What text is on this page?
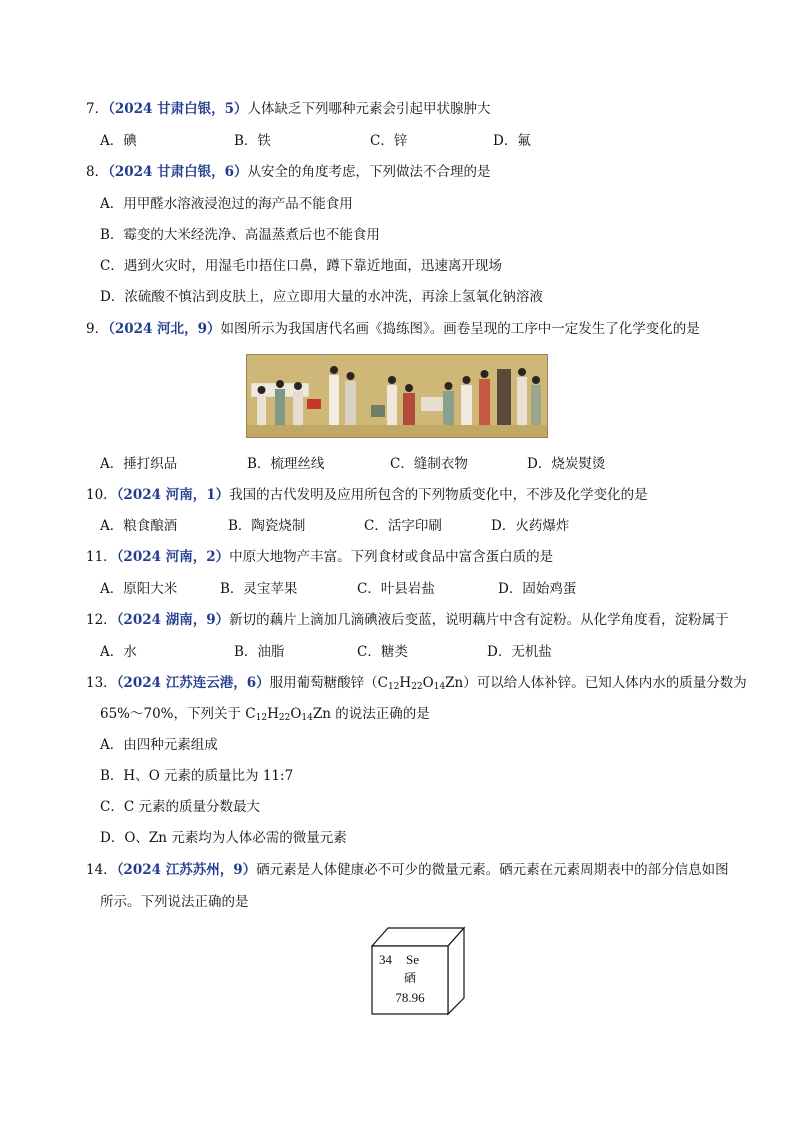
7．（2024 甘肃白银，5）人体缺乏下列哪种元素会引起甲状腺肿大
A．碘	B．铁	C．锌	D．氟
8．（2024 甘肃白银，6）从安全的角度考虑，下列做法不合理的是
A．用甲醛水溶液浸泡过的海产品不能食用
B．霉变的大米经洗净、高温蒸煮后也不能食用
C．遇到火灾时，用湿毛巾捂住口鼻，蹲下靠近地面，迅速离开现场
D．浓硫酸不慎沾到皮肤上，应立即用大量的水冲洗，再涂上氢氧化钠溶液
9．（2024 河北，9）如图所示为我国唐代名画《捣练图》。画卷呈现的工序中一定发生了化学变化的是
A．捶打织品	B．梳理丝线	C．缝制衣物	D．烧炭熨烫
10．（2024 河南，1）我国的古代发明及应用所包含的下列物质变化中，不涉及化学变化的是
A．粮食酿酒	B．陶瓷烧制	C．活字印刷	D．火药爆炸
11．（2024 河南，2）中原大地物产丰富。下列食材或食品中富含蛋白质的是
A．原阳大米	B．灵宝苹果	C．叶县岩盐	D．固始鸡蛋
12．（2024 湖南，9）新切的藕片上滴加几滴碘液后变蓝，说明藕片中含有淀粉。从化学角度看，淀粉属于
A．水	B．油脂	C．糖类	D．无机盐
13．（2024 江苏连云港，6）服用葡萄糖酸锌$(C_{12}H_{22}O_{14}Zn)$可以给人体补锌。已知人体内水的质量分数为
65%～70%，下列关于 $C_{12}H_{22}O_{14}Zn$ 的说法正确的是
A．由四种元素组成
B．H、O 元素的质量比为 11:7
C．C 元素的质量分数最大
D．O、Zn 元素均为人体必需的微量元素
14．（2024 江苏苏州，9）硒元素是人体健康必不可少的微量元素。硒元素在元素周期表中的部分信息如图
所示。下列说法正确的是
34 Se
硒
78.96
